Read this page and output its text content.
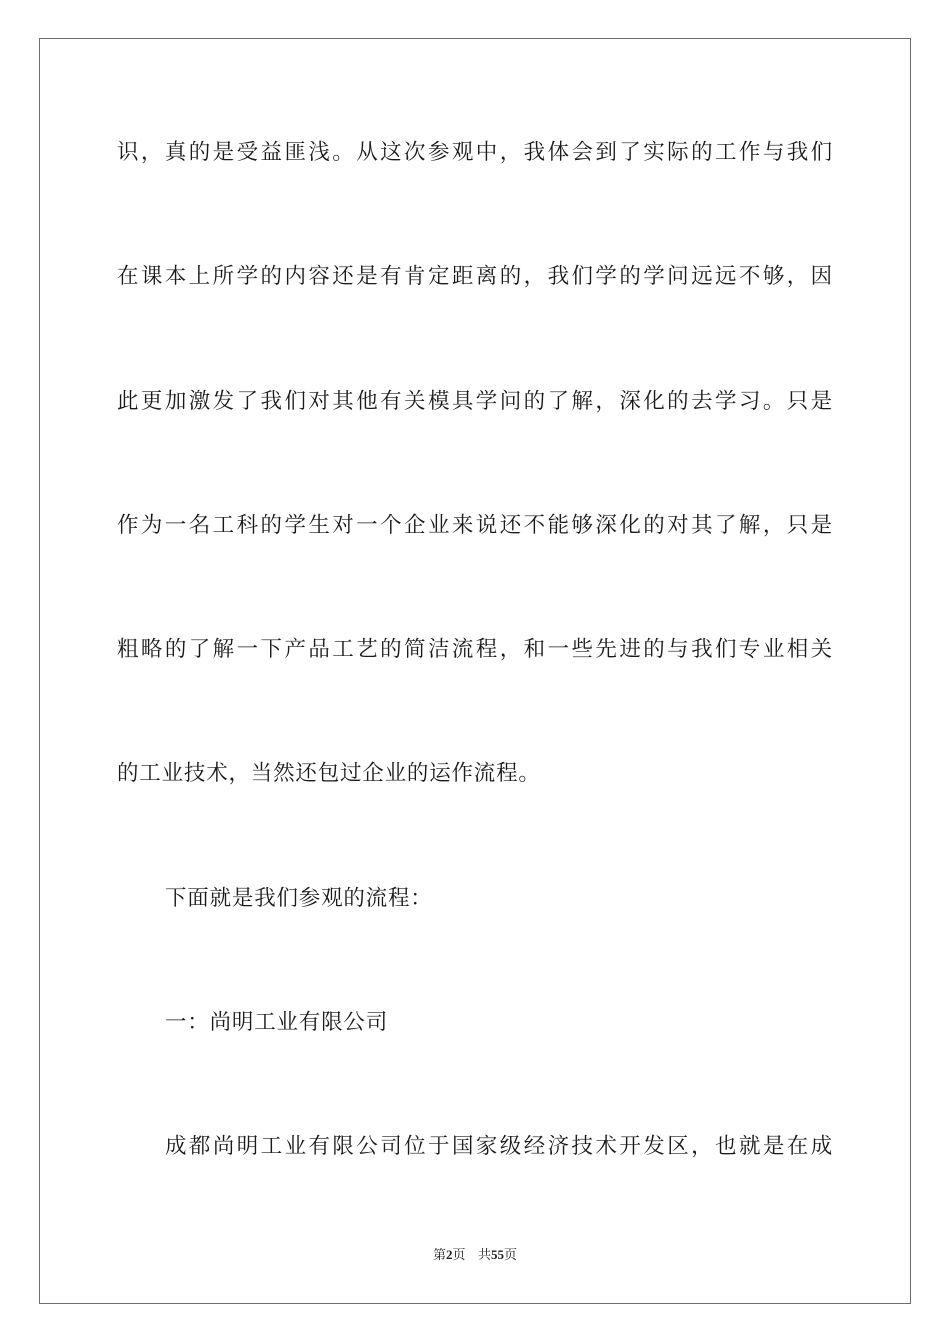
识，真的是受益匪浅。从这次参观中，我体会到了实际的工作与我们
在课本上所学的内容还是有肯定距离的，我们学的学问远远不够，因
此更加激发了我们对其他有关模具学问的了解，深化的去学习。只是
作为一名工科的学生对一个企业来说还不能够深化的对其了解，只是
粗略的了解一下产品工艺的简洁流程，和一些先进的与我们专业相关
的工业技术，当然还包过企业的运作流程。
下面就是我们参观的流程：
一：尚明工业有限公司
成都尚明工业有限公司位于国家级经济技术开发区，也就是在成
第2页 共55页
